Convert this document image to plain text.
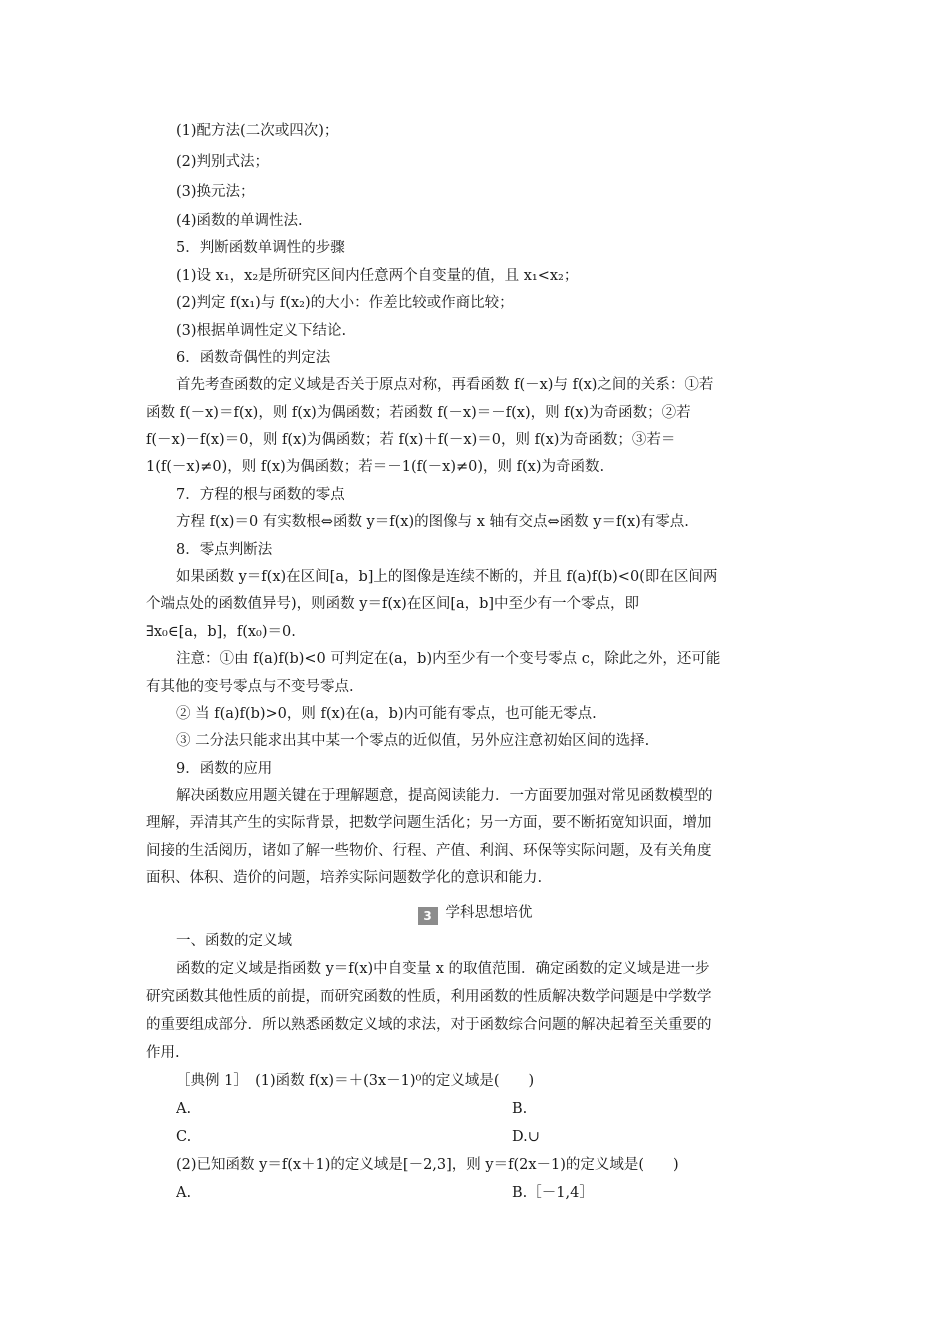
(1)配方法(二次或四次)；
(2)判别式法；
(3)换元法；
(4)函数的单调性法.
5．判断函数单调性的步骤
(1)设 x₁，x₂是所研究区间内任意两个自变量的值，且 x₁<x₂；
(2)判定 f(x₁)与 f(x₂)的大小：作差比较或作商比较；
(3)根据单调性定义下结论.
6．函数奇偶性的判定法
首先考查函数的定义域是否关于原点对称，再看函数 f(－x)与 f(x)之间的关系：①若
函数 f(－x)＝f(x)，则 f(x)为偶函数；若函数 f(－x)＝－f(x)，则 f(x)为奇函数；②若
f(－x)－f(x)＝0，则 f(x)为偶函数；若 f(x)＋f(－x)＝0，则 f(x)为奇函数；③若＝
1(f(－x)≠0)，则 f(x)为偶函数；若＝－1(f(－x)≠0)，则 f(x)为奇函数.
7．方程的根与函数的零点
方程 f(x)＝0 有实数根⇔函数 y＝f(x)的图像与 x 轴有交点⇔函数 y＝f(x)有零点.
8．零点判断法
如果函数 y＝f(x)在区间[a，b]上的图像是连续不断的，并且 f(a)f(b)<0(即在区间两
个端点处的函数值异号)，则函数 y＝f(x)在区间[a，b]中至少有一个零点，即
∃x₀∈[a，b]，f(x₀)＝0.
注意：①由 f(a)f(b)<0 可判定在(a，b)内至少有一个变号零点 c，除此之外，还可能
有其他的变号零点与不变号零点.
② 当 f(a)f(b)>0，则 f(x)在(a，b)内可能有零点，也可能无零点.
③ 二分法只能求出其中某一个零点的近似值，另外应注意初始区间的选择.
9．函数的应用
解决函数应用题关键在于理解题意，提高阅读能力．一方面要加强对常见函数模型的
理解，弄清其产生的实际背景，把数学问题生活化；另一方面，要不断拓宽知识面，增加
间接的生活阅历，诸如了解一些物价、行程、产值、利润、环保等实际问题，及有关角度
面积、体积、造价的问题，培养实际问题数学化的意识和能力.
3 学科思想培优
一、函数的定义域
函数的定义域是指函数 y＝f(x)中自变量 x 的取值范围．确定函数的定义域是进一步
研究函数其他性质的前提，而研究函数的性质，利用函数的性质解决数学问题是中学数学
的重要组成部分．所以熟悉函数定义域的求法，对于函数综合问题的解决起着至关重要的
作用.
［典例 1］　(1)函数 f(x)＝＋(3x－1)⁰的定义域是(　　)
A.	B.
C.	D.∪
(2)已知函数 y＝f(x＋1)的定义域是[－2,3]，则 y＝f(2x－1)的定义域是(　　)
A.	B.［－1,4］
